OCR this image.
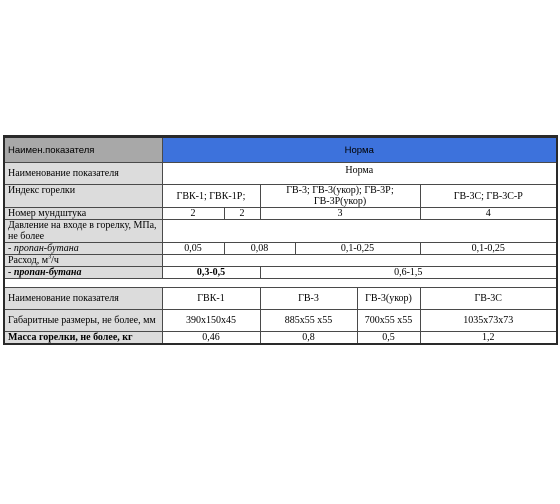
Наимен.показателя	Норма					
Наименование показателя	Норма					
Индекс горелки	ГВК-1; ГВК-1Р;		ГВ-3; ГВ-3(укор); ГВ-3Р; ГВ-3Р(укор)			ГВ-3С; ГВ-3С-Р
Номер мундштука	2	2	3			4
Давление на входе в горелку, МПа, не более						
- пропан-бутана	0,05	0,08		0,1-0,25		0,1-0,25
Расход, $м^3/ч$						
- пропан-бутана	0,3-0,5		0,6-1,5			

Наименование показателя	ГВК-1		ГВ-3		ГВ-3(укор)	ГВ-3С
Габаритные размеры, не более, мм	390x150x45		885x55 x55		700x55 x55	1035x73x73
Масса горелки, не более, кг	0,46		0,8		0,5	1,2
